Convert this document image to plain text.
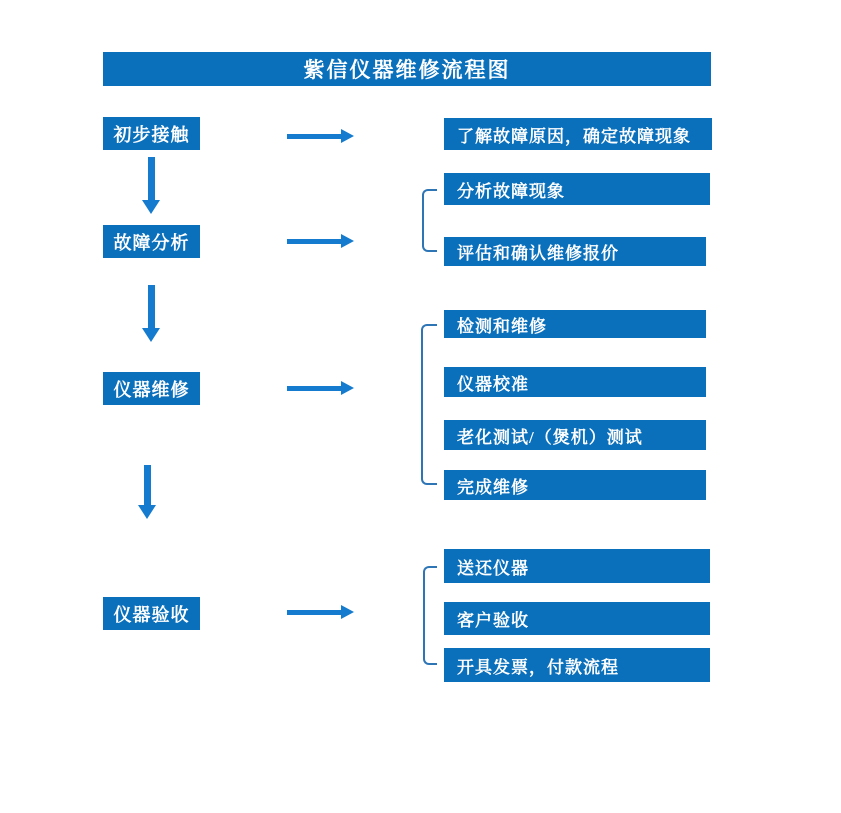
紫信仪器维修流程图
初步接触
故障分析
仪器维修
仪器验收
了解故障原因，确定故障现象
分析故障现象
评估和确认维修报价
检测和维修
仪器校准
老化测试/（煲机）测试
完成维修
送还仪器
客户验收
开具发票，付款流程
